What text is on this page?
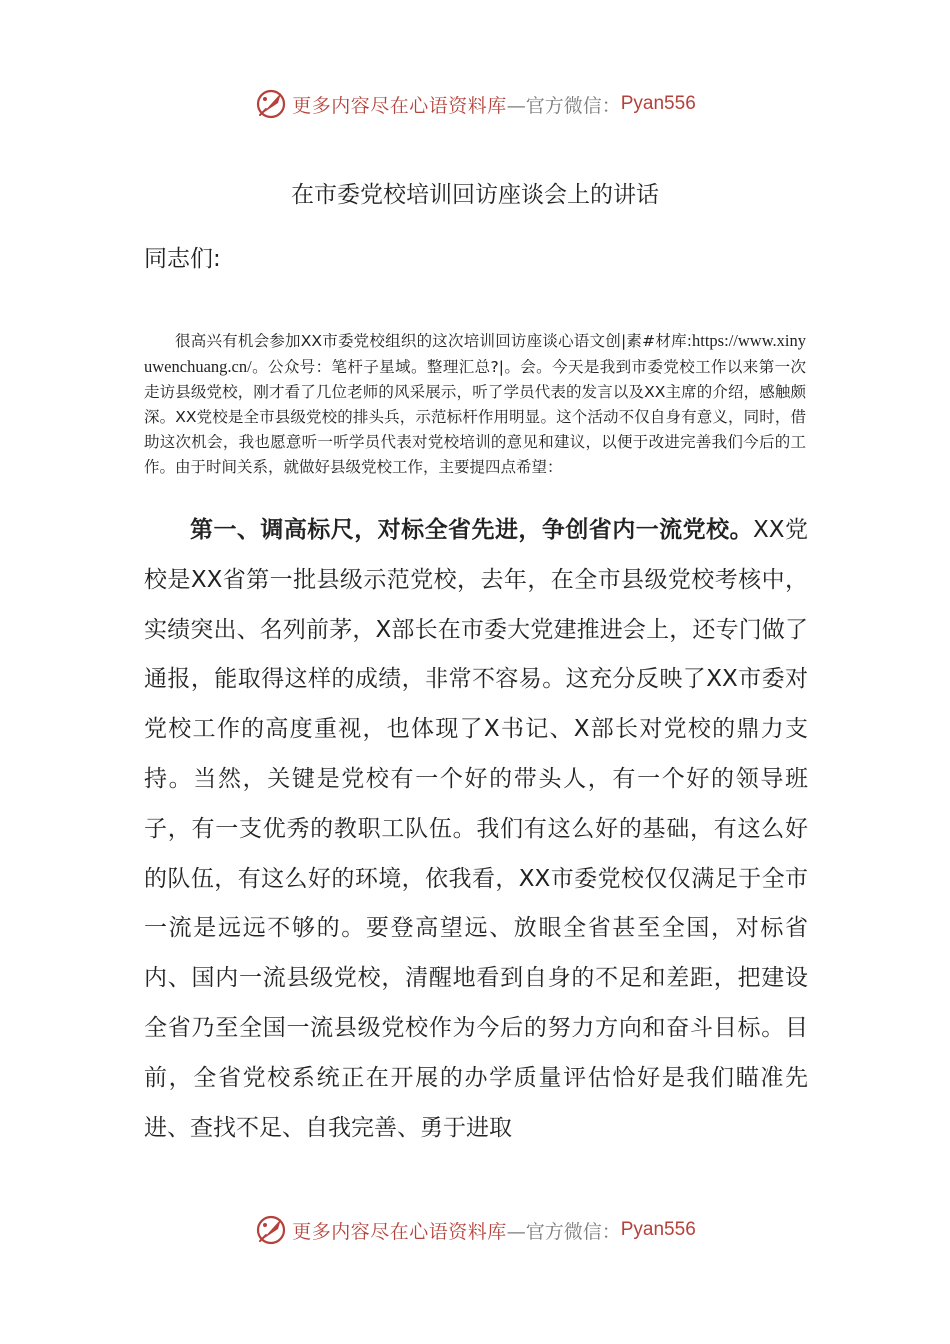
更多内容尽在心语资料库 —官方微信： Pyan556
在市委党校培训回访座谈会上的讲话
同志们:
很高兴有机会参加XX市委党校组织的这次培训回访座谈心语文创|素#材库:https://www.xinyuwenchuang.cn/。公众号：笔杆子星域。整理汇总?|。会。今天是我到市委党校工作以来第一次走访县级党校，刚才看了几位老师的风采展示，听了学员代表的发言以及XX主席的介绍，感触颇深。XX党校是全市县级党校的排头兵，示范标杆作用明显。这个活动不仅自身有意义，同时，借助这次机会，我也愿意听一听学员代表对党校培训的意见和建议，以便于改进完善我们今后的工作。由于时间关系，就做好县级党校工作，主要提四点希望：
第一、调高标尺，对标全省先进，争创省内一流党校。XX党校是XX省第一批县级示范党校，去年，在全市县级党校考核中，实绩突出、名列前茅，X部长在市委大党建推进会上，还专门做了通报，能取得这样的成绩，非常不容易。这充分反映了XX市委对党校工作的高度重视，也体现了X书记、X部长对党校的鼎力支持。当然，关键是党校有一个好的带头人，有一个好的领导班子，有一支优秀的教职工队伍。我们有这么好的基础，有这么好的队伍，有这么好的环境，依我看，XX市委党校仅仅满足于全市一流是远远不够的。要登高望远、放眼全省甚至全国，对标省内、国内一流县级党校，清醒地看到自身的不足和差距，把建设全省乃至全国一流县级党校作为今后的努力方向和奋斗目标。目前，全省党校系统正在开展的办学质量评估恰好是我们瞄准先进、查找不足、自我完善、勇于进取
更多内容尽在心语资料库 —官方微信： Pyan556
